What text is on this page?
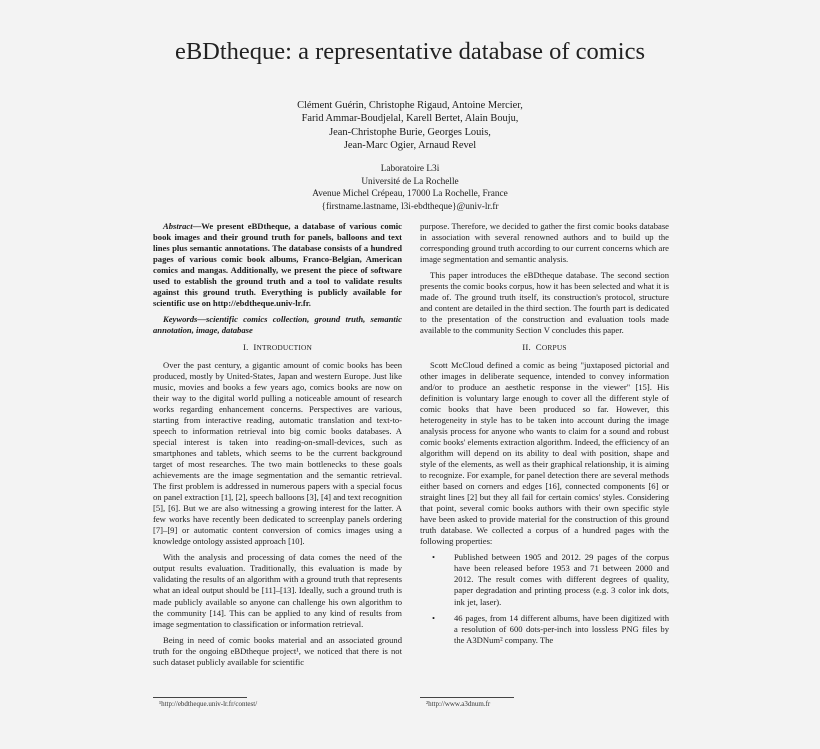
eBDtheque: a representative database of comics
Clément Guérin, Christophe Rigaud, Antoine Mercier,
Farid Ammar-Boudjelal, Karell Bertet, Alain Bouju,
Jean-Christophe Burie, Georges Louis,
Jean-Marc Ogier, Arnaud Revel
Laboratoire L3i
Université de La Rochelle
Avenue Michel Crépeau, 17000 La Rochelle, France
{firstname.lastname, l3i-ebdtheque}@univ-lr.fr

Abstract—We present eBDtheque, a database of various comic book images and their ground truth for panels, balloons and text lines plus semantic annotations. The database consists of a hundred pages of various comic book albums, Franco-Belgian, American comics and mangas. Additionally, we present the piece of software used to establish the ground truth and a tool to validate results against this ground truth. Everything is publicly available for scientific use on http://ebdtheque.univ-lr.fr.

Keywords—scientific comics collection, ground truth, semantic annotation, image, database

I. INTRODUCTION

Over the past century, a gigantic amount of comic books has been produced, mostly by United-States, Japan and western Europe. Just like music, movies and books a few years ago, comics books are now on their way to the digital world pulling a noticeable amount of research works regarding enhancement concerns. Perspectives are various, starting from interactive reading, automatic translation and text-to-speech to information retrieval into big comic books databases. A special interest is taken into reading-on-small-devices, such as smartphones and tablets, which seems to be the current background target of most researches. The two main bottlenecks to these goals achievements are the image segmentation and the semantic retrieval. The first problem is addressed in numerous papers with a special focus on panel extraction [1], [2], speech balloons [3], [4] and text recognition [5], [6]. But we are also witnessing a growing interest for the latter. A few works have recently been dedicated to screenplay panels ordering [7]–[9] or automatic content conversion of comics images using a knowledge ontology assisted approach [10].

With the analysis and processing of data comes the need of the output results evaluation. Traditionally, this evaluation is made by validating the results of an algorithm with a ground truth that represents what an ideal output should be [11]–[13]. Ideally, such a ground truth is made publicly available so anyone can challenge his own algorithm to the community [14]. This can be applied to any kind of results from image segmentation to classification or information retrieval.

Being in need of comic books material and an associated ground truth for the ongoing eBDtheque project¹, we noticed that there is not such dataset publicly available for scientific

purpose. Therefore, we decided to gather the first comic books database in association with several renowned authors and to build up the corresponding ground truth according to our current concerns which are image segmentation and semantic analysis.

This paper introduces the eBDtheque database. The second section presents the comic books corpus, how it has been selected and what it is made of. The ground truth itself, its construction's protocol, structure and content are detailed in the third section. The fourth part is dedicated to the presentation of the construction and evaluation tools made available to the community Section V concludes this paper.

II. CORPUS

Scott McCloud defined a comic as being "juxtaposed pictorial and other images in deliberate sequence, intended to convey information and/or to produce an aesthetic response in the viewer" [15]. His definition is voluntary large enough to cover all the different style of comic books that have been produced so far. However, this heterogeneity in style has to be taken into account during the image analysis process for anyone who wants to claim for a sound and robust comic books' elements extraction algorithm. Indeed, the efficiency of an algorithm will depend on its ability to deal with position, shape and style of the elements, as well as their graphical relationship, it is aiming to recognize. For example, for panel detection there are several methods either based on corners and edges [16], connected components [6] or straight lines [2] but they all fail for certain comics' styles. Considering that point, several comic books authors with their own specific style have been asked to provide material for the construction of this ground truth database. We collected a corpus of a hundred pages with the following properties:

• Published between 1905 and 2012. 29 pages of the corpus have been released before 1953 and 71 between 2000 and 2012. The result comes with different degrees of quality, paper degradation and printing process (e.g. 3 color ink dots, ink jet, laser).
• 46 pages, from 14 different albums, have been digitized with a resolution of 600 dots-per-inch into lossless PNG files by the A3DNum² company. The
¹http://ebdtheque.univ-lr.fr/contest/	²http://www.a3dnum.fr
